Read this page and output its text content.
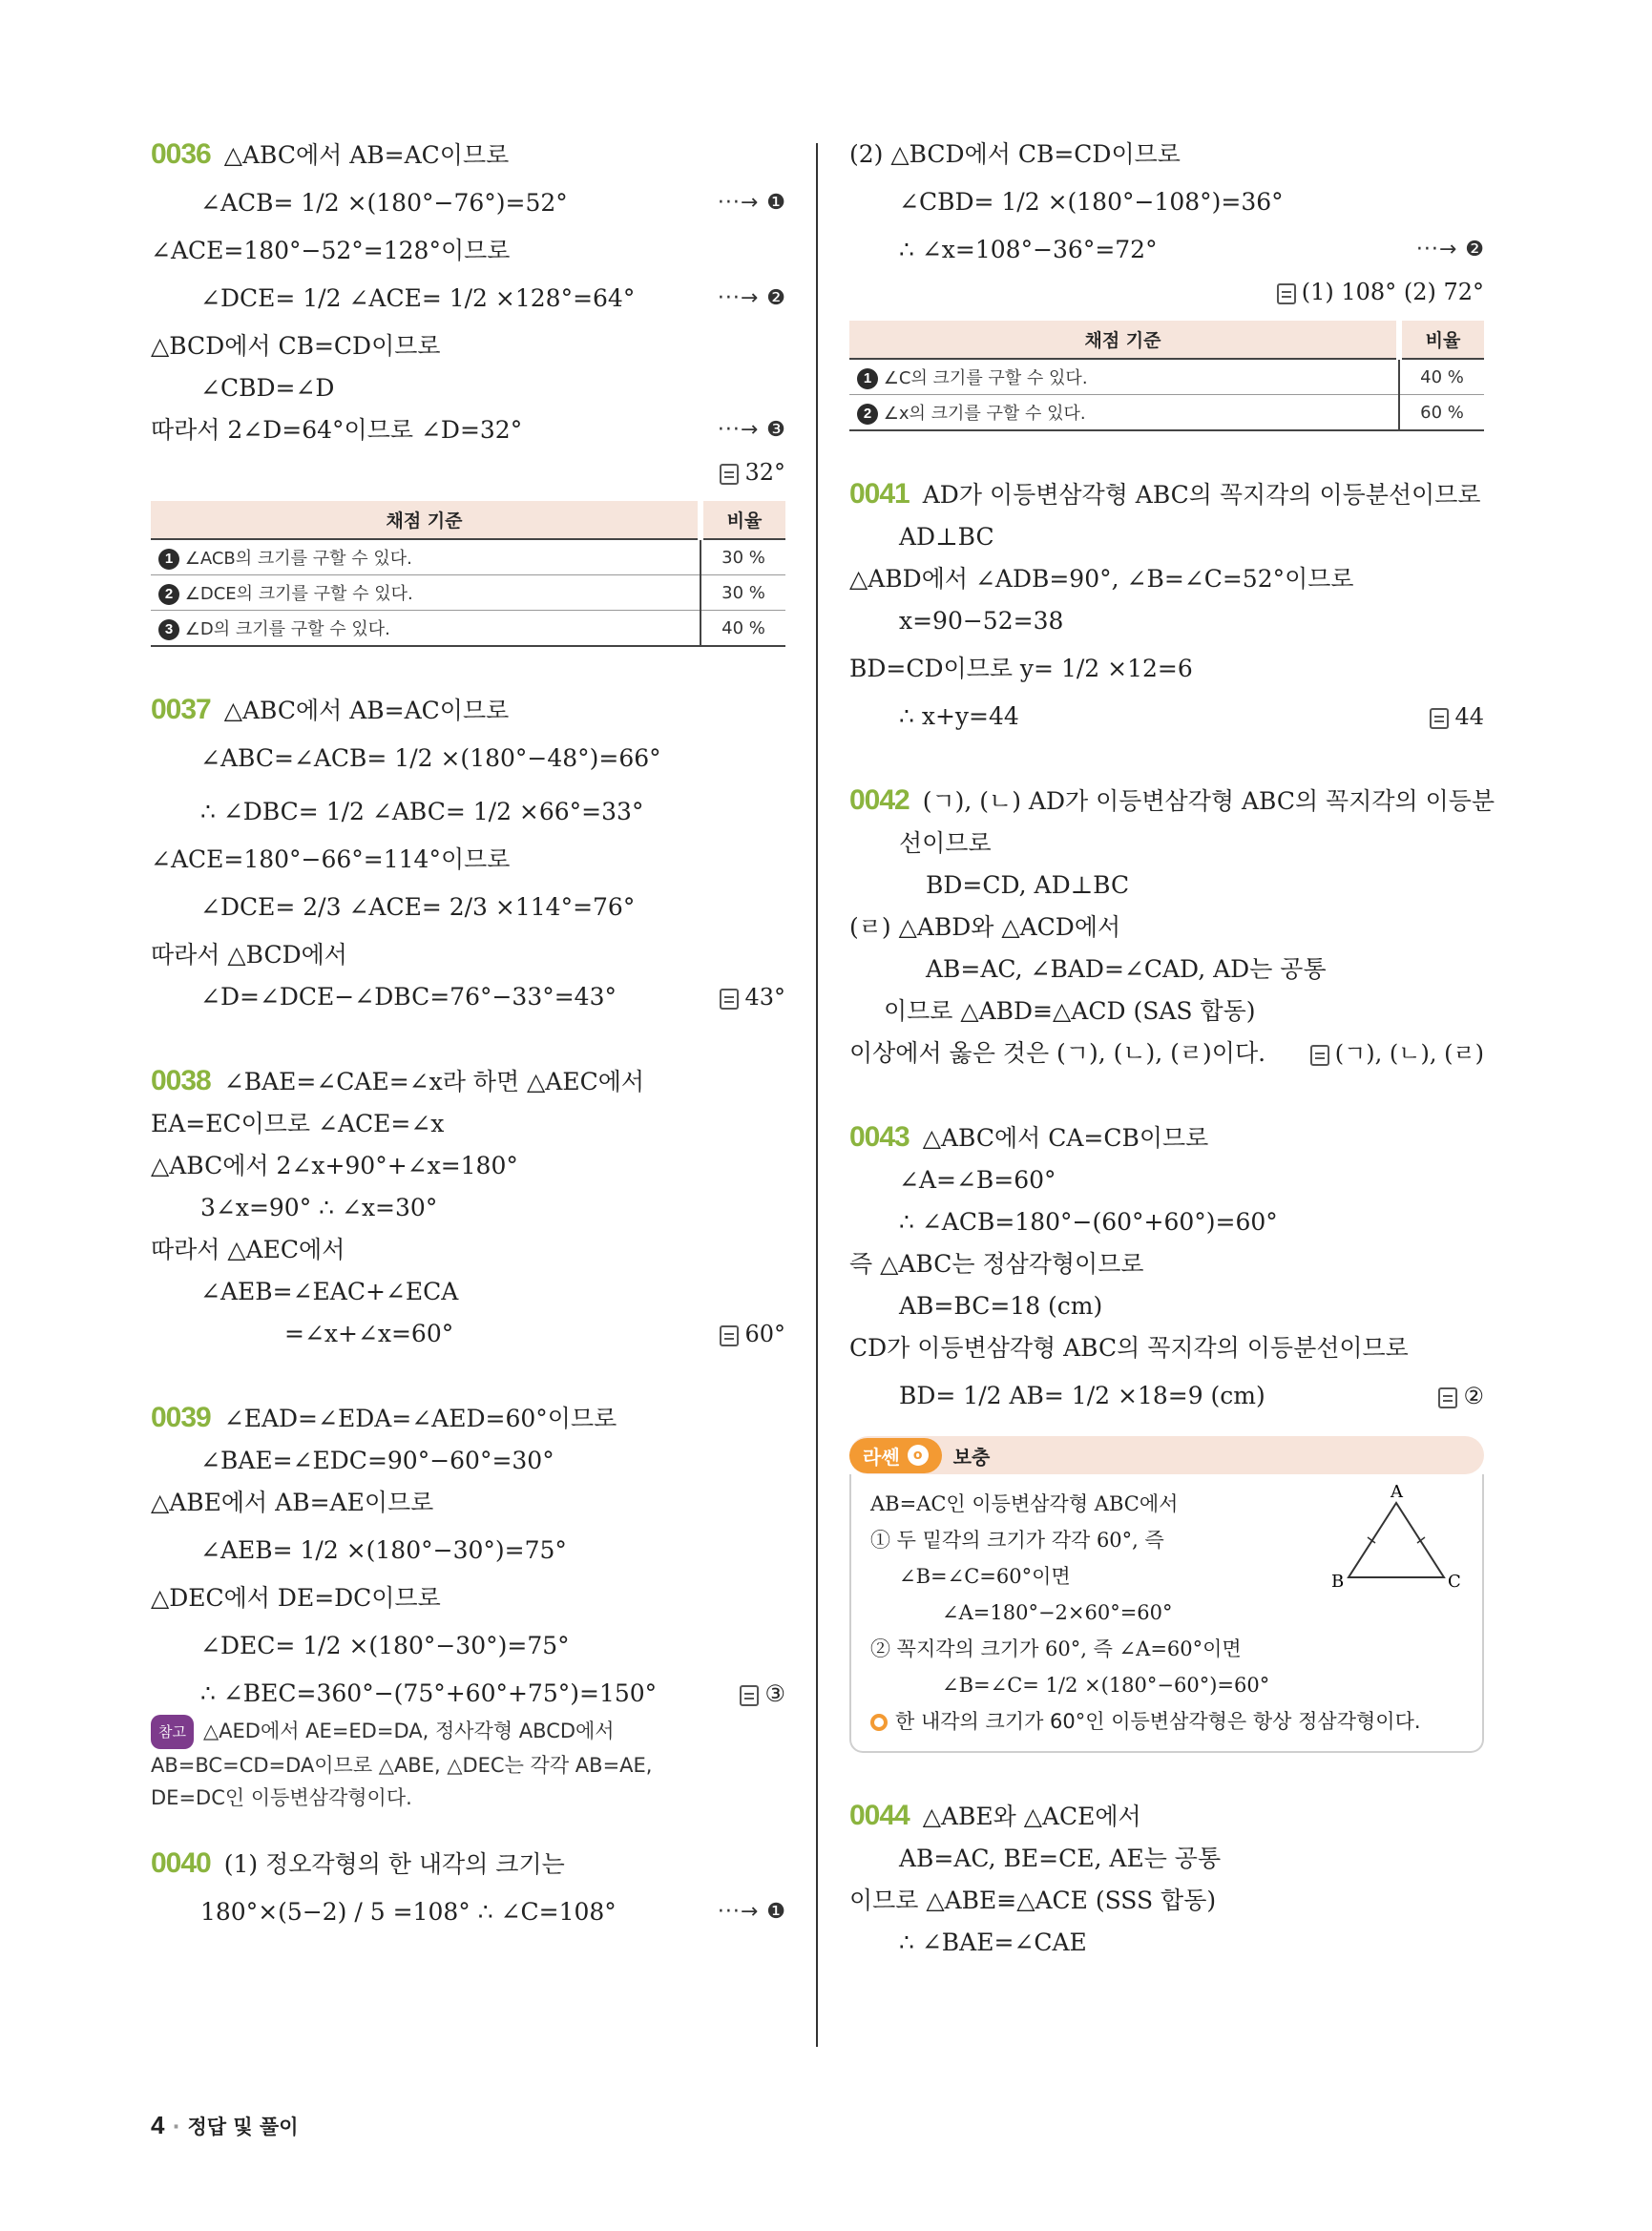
0036 △ABC에서 AB=AC이므로
∠ACB= 1/2 ×(180°−76°)=52°	···→ ❶
∠ACE=180°−52°=128°이므로
∠DCE= 1/2 ∠ACE= 1/2 ×128°=64°	···→ ❷
△BCD에서 CB=CD이므로
∠CBD=∠D
따라서 2∠D=64°이므로 ∠D=32°	···→ ❸
32°
채점 기준	비율
1 ∠ACB의 크기를 구할 수 있다.	30 %
2 ∠DCE의 크기를 구할 수 있다.	30 %
3 ∠D의 크기를 구할 수 있다.	40 %
0037 △ABC에서 AB=AC이므로
∠ABC=∠ACB= 1/2 ×(180°−48°)=66°
∴ ∠DBC= 1/2 ∠ABC= 1/2 ×66°=33°
∠ACE=180°−66°=114°이므로
∠DCE= 2/3 ∠ACE= 2/3 ×114°=76°
따라서 △BCD에서
∠D=∠DCE−∠DBC=76°−33°=43°	43°
0038 ∠BAE=∠CAE=∠x라 하면 △AEC에서
EA=EC이므로 ∠ACE=∠x
△ABC에서 2∠x+90°+∠x=180°
3∠x=90° ∴ ∠x=30°
따라서 △AEC에서
∠AEB=∠EAC+∠ECA
=∠x+∠x=60°	60°
0039 ∠EAD=∠EDA=∠AED=60°이므로
∠BAE=∠EDC=90°−60°=30°
△ABE에서 AB=AE이므로
∠AEB= 1/2 ×(180°−30°)=75°
△DEC에서 DE=DC이므로
∠DEC= 1/2 ×(180°−30°)=75°
∴ ∠BEC=360°−(75°+60°+75°)=150°	③
참고 △AED에서 AE=ED=DA, 정사각형 ABCD에서
AB=BC=CD=DA이므로 △ABE, △DEC는 각각 AB=AE,
DE=DC인 이등변삼각형이다.
0040 (1) 정오각형의 한 내각의 크기는
180°×(5−2) / 5 =108° ∴ ∠C=108°	···→ ❶
(2) △BCD에서 CB=CD이므로
∠CBD= 1/2 ×(180°−108°)=36°
∴ ∠x=108°−36°=72°	···→ ❷
(1) 108° (2) 72°
채점 기준	비율
1 ∠C의 크기를 구할 수 있다.	40 %
2 ∠x의 크기를 구할 수 있다.	60 %
0041 AD가 이등변삼각형 ABC의 꼭지각의 이등분선이므로
AD⊥BC
△ABD에서 ∠ADB=90°, ∠B=∠C=52°이므로
x=90−52=38
BD=CD이므로 y= 1/2 ×12=6
∴ x+y=44	44
0042 (ㄱ), (ㄴ) AD가 이등변삼각형 ABC의 꼭지각의 이등분
선이므로
BD=CD, AD⊥BC
(ㄹ) △ABD와 △ACD에서
AB=AC, ∠BAD=∠CAD, AD는 공통
이므로 △ABD≡△ACD (SAS 합동)
이상에서 옳은 것은 (ㄱ), (ㄴ), (ㄹ)이다.	(ㄱ), (ㄴ), (ㄹ)
0043 △ABC에서 CA=CB이므로
∠A=∠B=60°
∴ ∠ACB=180°−(60°+60°)=60°
즉 △ABC는 정삼각형이므로
AB=BC=18 (cm)
CD가 이등변삼각형 ABC의 꼭지각의 이등분선이므로
BD= 1/2 AB= 1/2 ×18=9 (cm)	②
라쎈	o	보충
A
B	C
AB=AC인 이등변삼각형 ABC에서
① 두 밑각의 크기가 각각 60°, 즉
∠B=∠C=60°이면
∠A=180°−2×60°=60°
② 꼭지각의 크기가 60°, 즉 ∠A=60°이면
∠B=∠C= 1/2 ×(180°−60°)=60°
한 내각의 크기가 60°인 이등변삼각형은 항상 정삼각형이다.
0044 △ABE와 △ACE에서
AB=AC, BE=CE, AE는 공통
이므로 △ABE≡△ACE (SSS 합동)
∴ ∠BAE=∠CAE
4 · 정답 및 풀이
